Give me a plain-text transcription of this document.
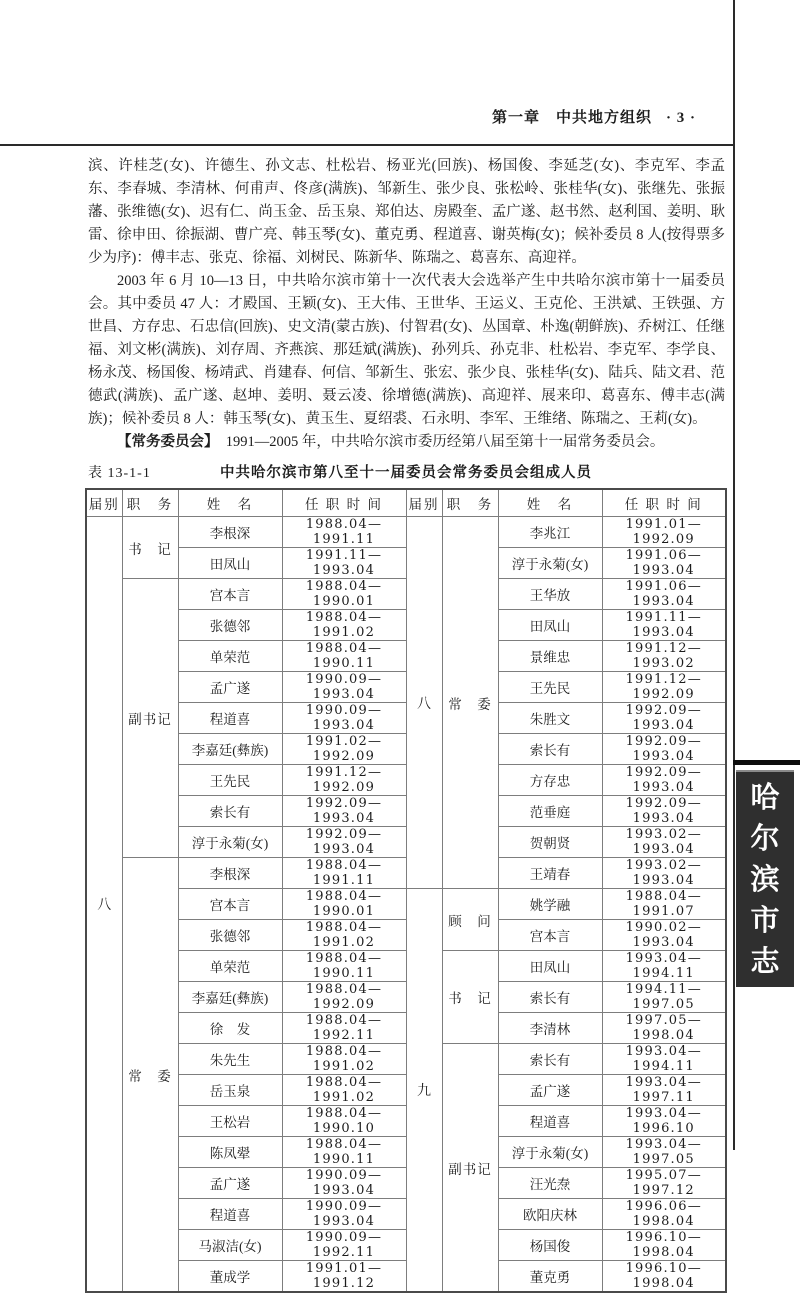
第一章　中共地方组织 · 3 ·

滨、许桂芝(女)、许德生、孙文志、杜松岩、杨亚光(回族)、杨国俊、李延芝(女)、李克军、李孟东、李春城、李清林、何甫声、佟彦(满族)、邹新生、张少良、张松岭、张桂华(女)、张继先、张振藩、张维德(女)、迟有仁、尚玉金、岳玉泉、郑伯达、房殿奎、孟广遂、赵书然、赵利国、姜明、耿雷、徐申田、徐振湖、曹广亮、韩玉琴(女)、董克勇、程道喜、谢英梅(女)；候补委员 8 人(按得票多少为序)：傅丰志、张克、徐福、刘树民、陈新华、陈瑞之、葛喜东、高迎祥。

2003 年 6 月 10—13 日，中共哈尔滨市第十一次代表大会选举产生中共哈尔滨市第十一届委员会。其中委员 47 人：才殿国、王颖(女)、王大伟、王世华、王运义、王克伦、王洪斌、王铁强、方世昌、方存忠、石忠信(回族)、史文清(蒙古族)、付智君(女)、丛国章、朴逸(朝鲜族)、乔树江、任继福、刘文彬(满族)、刘存周、齐燕滨、那廷斌(满族)、孙列兵、孙克非、杜松岩、李克军、李学良、杨永茂、杨国俊、杨靖武、肖建春、何信、邹新生、张宏、张少良、张桂华(女)、陆兵、陆文君、范德武(满族)、孟广遂、赵坤、姜明、聂云凌、徐增德(满族)、高迎祥、展来印、葛喜东、傅丰志(满族)；候补委员 8 人：韩玉琴(女)、黄玉生、夏绍裘、石永明、李军、王维绪、陈瑞之、王莉(女)。

【常务委员会】　1991—2005 年，中共哈尔滨市委历经第八届至第十一届常务委员会。

表 13-1-1	中共哈尔滨市第八至十一届委员会常务委员会组成人员
届别	职　务	姓　名	任 职 时 间	届别	职　务	姓　名	任 职 时 间
八	书　记	李根深	1988.04—1991.11	八	常　委	李兆江	1991.01—1992.09
		田凤山	1991.11—1993.04			淳于永菊(女)	1991.06—1993.04
	副书记	宫本言	1988.04—1990.01			王华放	1991.06—1993.04
		张德邻	1988.04—1991.02			田凤山	1991.11—1993.04
		单荣范	1988.04—1990.11			景维忠	1991.12—1993.02
		孟广遂	1990.09—1993.04			王先民	1991.12—1992.09
		程道喜	1990.09—1993.04			朱胜文	1992.09—1993.04
		李嘉廷(彝族)	1991.02—1992.09			索长有	1992.09—1993.04
		王先民	1991.12—1992.09			方存忠	1992.09—1993.04
		索长有	1992.09—1993.04			范垂庭	1992.09—1993.04
		淳于永菊(女)	1992.09—1993.04			贺朝贤	1993.02—1993.04
	常　委	李根深	1988.04—1991.11			王靖春	1993.02—1993.04
		宫本言	1988.04—1990.01	九	顾　问	姚学融	1988.04—1991.07
		张德邻	1988.04—1991.02			宫本言	1990.02—1993.04
		单荣范	1988.04—1990.11		书　记	田凤山	1993.04—1994.11
		李嘉廷(彝族)	1988.04—1992.09			索长有	1994.11—1997.05
		徐　发	1988.04—1992.11			李清林	1997.05—1998.04
		朱先生	1988.04—1991.02		副书记	索长有	1993.04—1994.11
		岳玉泉	1988.04—1991.02			孟广遂	1993.04—1997.11
		王松岩	1988.04—1990.10			程道喜	1993.04—1996.10
		陈凤翚	1988.04—1990.11			淳于永菊(女)	1993.04—1997.05
		孟广遂	1990.09—1993.04			汪光焘	1995.07—1997.12
		程道喜	1990.09—1993.04			欧阳庆林	1996.06—1998.04
		马淑洁(女)	1990.09—1992.11			杨国俊	1996.10—1998.04
		董成学	1991.01—1991.12			董克勇	1996.10—1998.04
哈
尔
滨
市
志
